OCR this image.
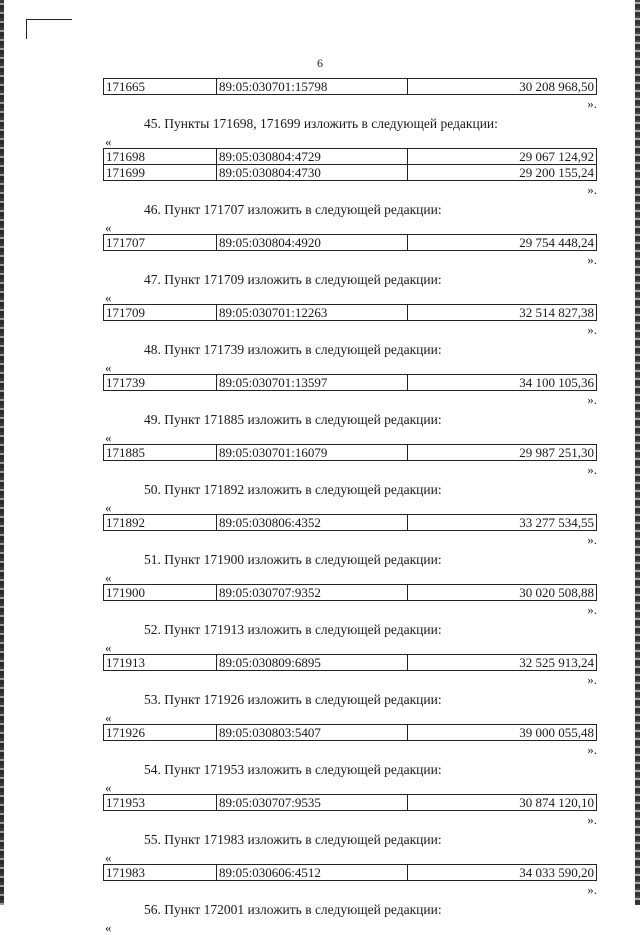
6
171665	89:05:030701:15798	30 208 968,50
».
45. Пункты 171698, 171699 изложить в следующей редакции:
«
171698	89:05:030804:4729	29 067 124,92
171699	89:05:030804:4730	29 200 155,24
».
46. Пункт 171707 изложить в следующей редакции:
«
171707	89:05:030804:4920	29 754 448,24
».
47. Пункт 171709 изложить в следующей редакции:
«
171709	89:05:030701:12263	32 514 827,38
».
48. Пункт 171739 изложить в следующей редакции:
«
171739	89:05:030701:13597	34 100 105,36
».
49. Пункт 171885 изложить в следующей редакции:
«
171885	89:05:030701:16079	29 987 251,30
».
50. Пункт 171892 изложить в следующей редакции:
«
171892	89:05:030806:4352	33 277 534,55
».
51. Пункт 171900 изложить в следующей редакции:
«
171900	89:05:030707:9352	30 020 508,88
».
52. Пункт 171913 изложить в следующей редакции:
«
171913	89:05:030809:6895	32 525 913,24
».
53. Пункт 171926 изложить в следующей редакции:
«
171926	89:05:030803:5407	39 000 055,48
».
54. Пункт 171953 изложить в следующей редакции:
«
171953	89:05:030707:9535	30 874 120,10
».
55. Пункт 171983 изложить в следующей редакции:
«
171983	89:05:030606:4512	34 033 590,20
».
56. Пункт 172001 изложить в следующей редакции:
«
